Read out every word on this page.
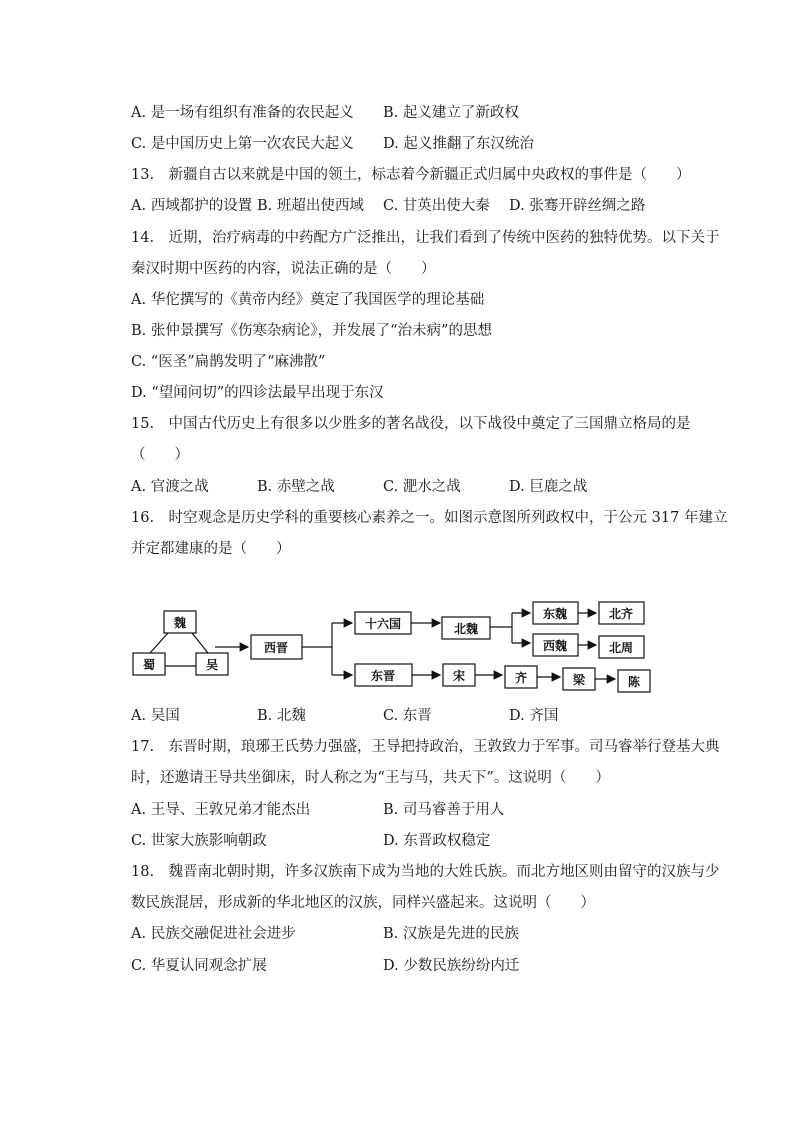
A. 是一场有组织有准备的农民起义 B. 起义建立了新政权
C. 是中国历史上第一次农民大起义 D. 起义推翻了东汉统治
13.　新疆自古以来就是中国的领土，标志着今新疆正式归属中央政权的事件是（　　）
A. 西域都护的设置 B. 班超出使西域 C. 甘英出使大秦 D. 张骞开辟丝绸之路
14.　近期，治疗病毒的中药配方广泛推出，让我们看到了传统中医药的独特优势。以下关于
秦汉时期中医药的内容，说法正确的是（　　）
A. 华佗撰写的《黄帝内经》奠定了我国医学的理论基础
B. 张仲景撰写《伤寒杂病论》，并发展了“治未病”的思想
C. “医圣”扁鹊发明了“麻沸散”
D. “望闻问切”的四诊法最早出现于东汉
15.　中国古代历史上有很多以少胜多的著名战役，以下战役中奠定了三国鼎立格局的是
（　　）
A. 官渡之战	B. 赤壁之战	C. 淝水之战	D. 巨鹿之战
16.　时空观念是历史学科的重要核心素养之一。如图示意图所列政权中，于公元 317 年建立
并定都建康的是（　　）
魏
蜀	吴
西晋
十六国	北魏
东魏	北齐
西魏	北周
东晋	宋	齐	梁	陈
A. 吴国	B. 北魏	C. 东晋	D. 齐国
17.　东晋时期，琅琊王氏势力强盛，王导把持政治，王敦致力于军事。司马睿举行登基大典
时，还邀请王导共坐御床，时人称之为“王与马，共天下”。这说明（　　）
A. 王导、王敦兄弟才能杰出	B. 司马睿善于用人
C. 世家大族影响朝政	D. 东晋政权稳定
18.　魏晋南北朝时期，许多汉族南下成为当地的大姓氏族。而北方地区则由留守的汉族与少
数民族混居，形成新的华北地区的汉族，同样兴盛起来。这说明（　　）
A. 民族交融促进社会进步	B. 汉族是先进的民族
C. 华夏认同观念扩展	D. 少数民族纷纷内迁
